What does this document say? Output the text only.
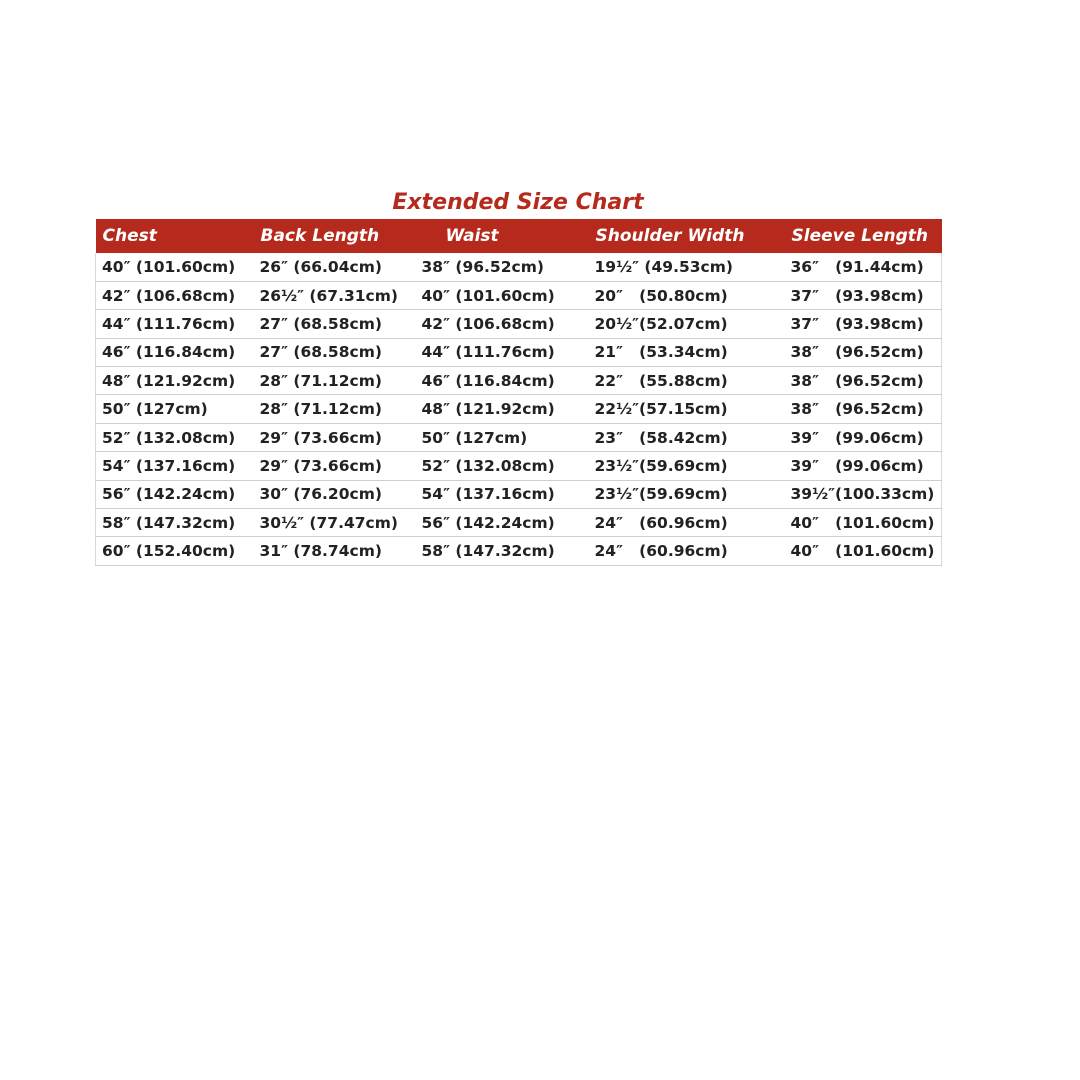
Extended Size Chart
Chest	Back Length	Waist	Shoulder Width	Sleeve Length
40″ (101.60cm)	26″ (66.04cm)	38″ (96.52cm)	19½″ (49.53cm)	36″   (91.44cm)
42″ (106.68cm)	26½″ (67.31cm)	40″ (101.60cm)	20″   (50.80cm)	37″   (93.98cm)
44″ (111.76cm)	27″ (68.58cm)	42″ (106.68cm)	20½″(52.07cm)	37″   (93.98cm)
46″ (116.84cm)	27″ (68.58cm)	44″ (111.76cm)	21″   (53.34cm)	38″   (96.52cm)
48″ (121.92cm)	28″ (71.12cm)	46″ (116.84cm)	22″   (55.88cm)	38″   (96.52cm)
50″ (127cm)	28″ (71.12cm)	48″ (121.92cm)	22½″(57.15cm)	38″   (96.52cm)
52″ (132.08cm)	29″ (73.66cm)	50″ (127cm)	23″   (58.42cm)	39″   (99.06cm)
54″ (137.16cm)	29″ (73.66cm)	52″ (132.08cm)	23½″(59.69cm)	39″   (99.06cm)
56″ (142.24cm)	30″ (76.20cm)	54″ (137.16cm)	23½″(59.69cm)	39½″(100.33cm)
58″ (147.32cm)	30½″ (77.47cm)	56″ (142.24cm)	24″   (60.96cm)	40″   (101.60cm)
60″ (152.40cm)	31″ (78.74cm)	58″ (147.32cm)	24″   (60.96cm)	40″   (101.60cm)
